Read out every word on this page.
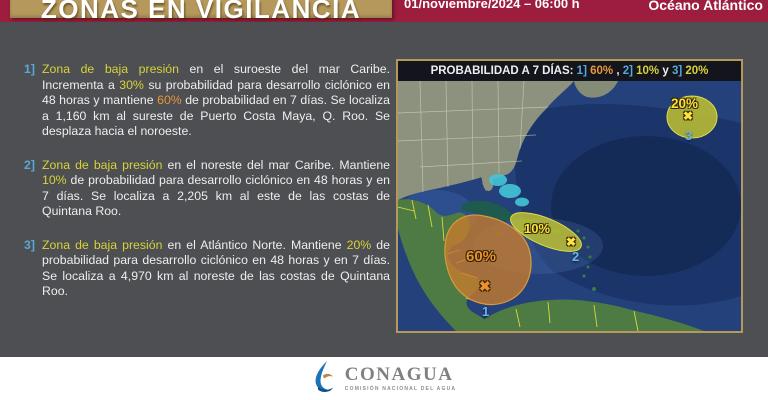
ZONAS EN VIGILANCIA	01/noviembre/2024 – 06:00 h	Océano Atlántico
1] Zona de baja presión en el suroeste del mar Caribe. Incrementa a 30% su probabilidad para desarrollo ciclónico en 48 horas y mantiene 60% de probabilidad en 7 días. Se localiza a 1,160 km al sureste de Puerto Costa Maya, Q. Roo. Se desplaza hacia el noroeste.
2] Zona de baja presión en el noreste del mar Caribe. Mantiene 10% de probabilidad para desarrollo ciclónico en 48 horas y en 7 días. Se localiza a 2,205 km al este de las costas de Quintana Roo.
3] Zona de baja presión en el Atlántico Norte. Mantiene 20% de probabilidad para desarrollo ciclónico en 48 horas y en 7 días. Se localiza a 4,970 km al noreste de las costas de Quintana Roo.
PROBABILIDAD A 7 DÍAS: 1] 60% , 2] 10% y 3] 20%
60%
✖
1
10%
✖
2
20%
✖
3
CONAGUA
COMISIÓN NACIONAL DEL AGUA
